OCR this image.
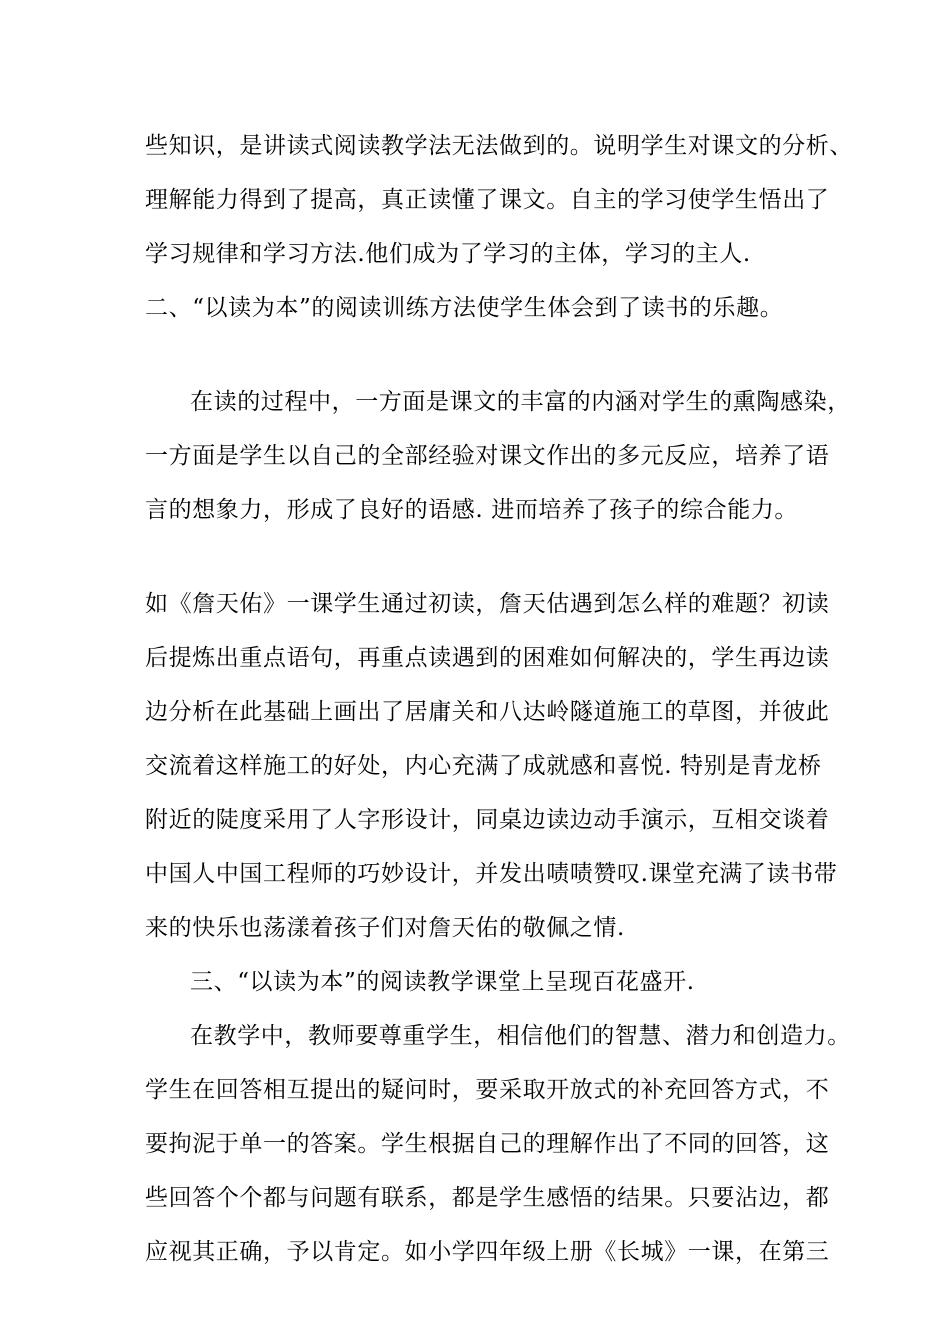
些知识，是讲读式阅读教学法无法做到的。说明学生对课文的分析、
理解能力得到了提高，真正读懂了课文。自主的学习使学生悟出了
学习规律和学习方法.他们成为了学习的主体，学习的主人.
二、“以读为本”的阅读训练方法使学生体会到了读书的乐趣。
在读的过程中，一方面是课文的丰富的内涵对学生的熏陶感染，
一方面是学生以自己的全部经验对课文作出的多元反应，培养了语
言的想象力，形成了良好的语感. 进而培养了孩子的综合能力。
如《詹天佑》一课学生通过初读，詹天估遇到怎么样的难题？初读
后提炼出重点语句，再重点读遇到的困难如何解决的，学生再边读
边分析在此基础上画出了居庸关和八达岭隧道施工的草图，并彼此
交流着这样施工的好处，内心充满了成就感和喜悦. 特别是青龙桥
附近的陡度采用了人字形设计，同桌边读边动手演示，互相交谈着
中国人中国工程师的巧妙设计，并发出啧啧赞叹.课堂充满了读书带
来的快乐也荡漾着孩子们对詹天佑的敬佩之情.
三、“以读为本”的阅读教学课堂上呈现百花盛开.
在教学中，教师要尊重学生，相信他们的智慧、潜力和创造力。
学生在回答相互提出的疑问时，要采取开放式的补充回答方式，不
要拘泥于单一的答案。学生根据自己的理解作出了不同的回答，这
些回答个个都与问题有联系，都是学生感悟的结果。只要沾边，都
应视其正确，予以肯定。如小学四年级上册《长城》一课，在第三
